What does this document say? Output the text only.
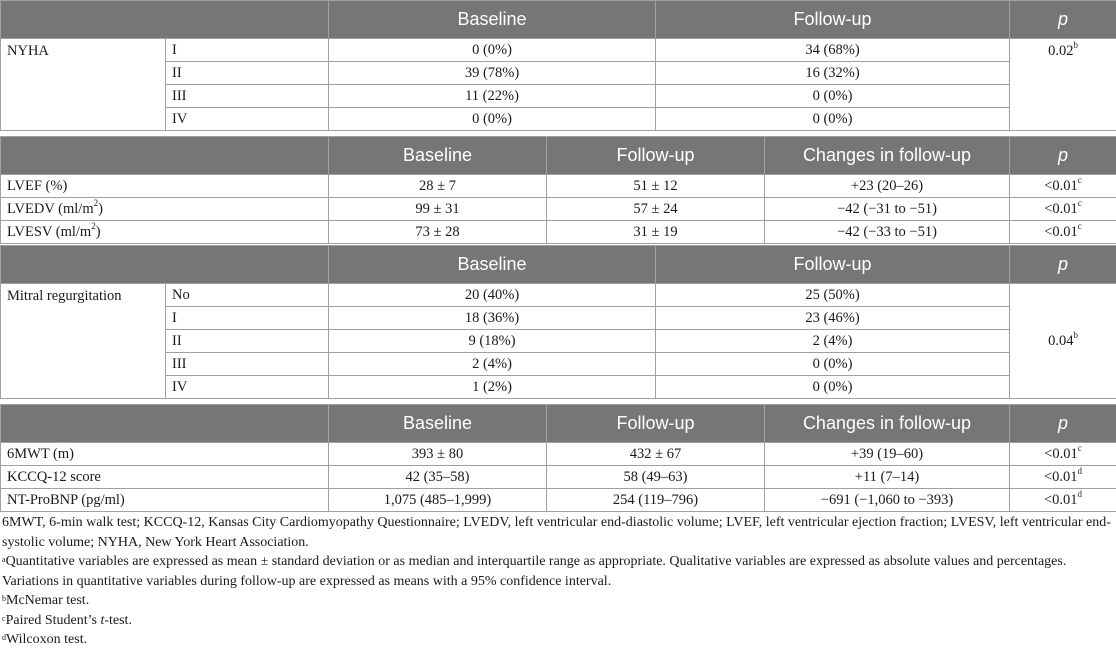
		Baseline	Follow-up	p
NYHA	I	0 (0%)	34 (68%)	0.02$^b$
	II	39 (78%)	16 (32%)	
	III	11 (22%)	0 (0%)	
	IV	0 (0%)	0 (0%)	
	Baseline	Follow-up	Changes in follow-up	p
LVEF (%)	28 ± 7	51 ± 12	+23 (20–26)	<0.01$^c$
LVEDV $(ml/m^2)$	99 ± 31	57 ± 24	−42 (−31 to −51)	<0.01$^c$
LVESV $(ml/m^2)$	73 ± 28	31 ± 19	−42 (−33 to −51)	<0.01$^c$
		Baseline	Follow-up	p
Mitral regurgitation	No	20 (40%)	25 (50%)	0.04$^b$
	I	18 (36%)	23 (46%)	
	II	9 (18%)	2 (4%)	
	III	2 (4%)	0 (0%)	
	IV	1 (2%)	0 (0%)	
	Baseline	Follow-up	Changes in follow-up	p
6MWT (m)	393 ± 80	432 ± 67	+39 (19–60)	<0.01$^c$
KCCQ-12 score	42 (35–58)	58 (49–63)	+11 (7–14)	<0.01$^d$
NT-ProBNP (pg/ml)	1,075 (485–1,999)	254 (119–796)	−691 (−1,060 to −393)	<0.01$^d$

6MWT, 6-min walk test; KCCQ-12, Kansas City Cardiomyopathy Questionnaire; LVEDV, left ventricular end-diastolic volume; LVEF, left ventricular ejection fraction; LVESV, left ventricular end-systolic volume; NYHA, New York Heart Association.

$^a$Quantitative variables are expressed as mean ± standard deviation or as median and interquartile range as appropriate. Qualitative variables are expressed as absolute values and percentages. Variations in quantitative variables during follow-up are expressed as means with a 95% confidence interval.

$^b$McNemar test.

$^c$Paired Student’s t-test.

$^d$Wilcoxon test.
